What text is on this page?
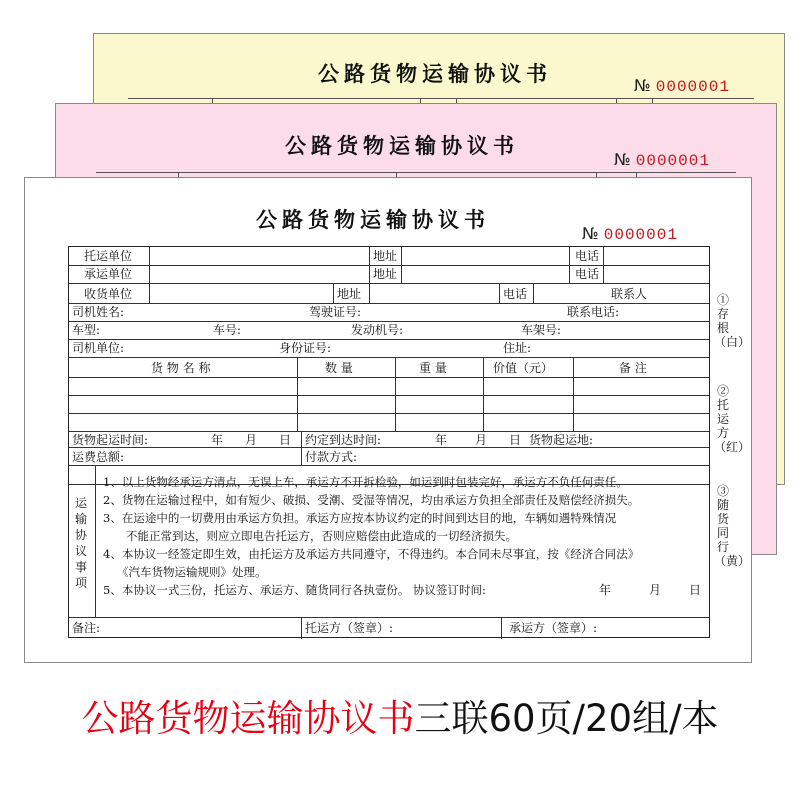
公路货物运输协议书	№ 0000001
公路货物运输协议书
№ 0000001
公路货物运输协议书
№ 0000001
托运单位	地址	电话
承运单位	地址	电话
收货单位	地址	电话	联系人
司机姓名:	驾驶证号:	联系电话:
车型:	车号:	发动机号:	车架号:
司机单位:	身份证号:	住址:
货 物 名 称	数 量	重 量	价值（元）	备 注
货物起运时间:	年 月 日 约定到达时间:	年 月 日 货物起运地:
运费总额:	付款方式:
运输协议事项
1、以上货物经承运方清点，无误上车，承运方不开拆检验，如运到时包装完好，承运方不负任何责任。
2、货物在运输过程中，如有短少、破损、受潮、受湿等情况，均由承运方负担全部责任及赔偿经济损失。
3、在运途中的一切费用由承运方负担。承运方应按本协议约定的时间到达目的地，车辆如遇特殊情况
不能正常到达，则应立即电告托运方，否则应赔偿由此造成的一切经济损失。
4、本协议一经签定即生效，由托运方及承运方共同遵守，不得违约。本合同未尽事宜，按《经济合同法》
《汽车货物运输规则》处理。
5、本协议一式三份，托运方、承运方、随货同行各执壹份。 协议签订时间:	年	月 日
备注:	托运方（签章）:	承运方（签章）:
①存根（白）
②托运方（红）
③随货同行（黄）
公路货物运输协议书三联60页/20组/本
